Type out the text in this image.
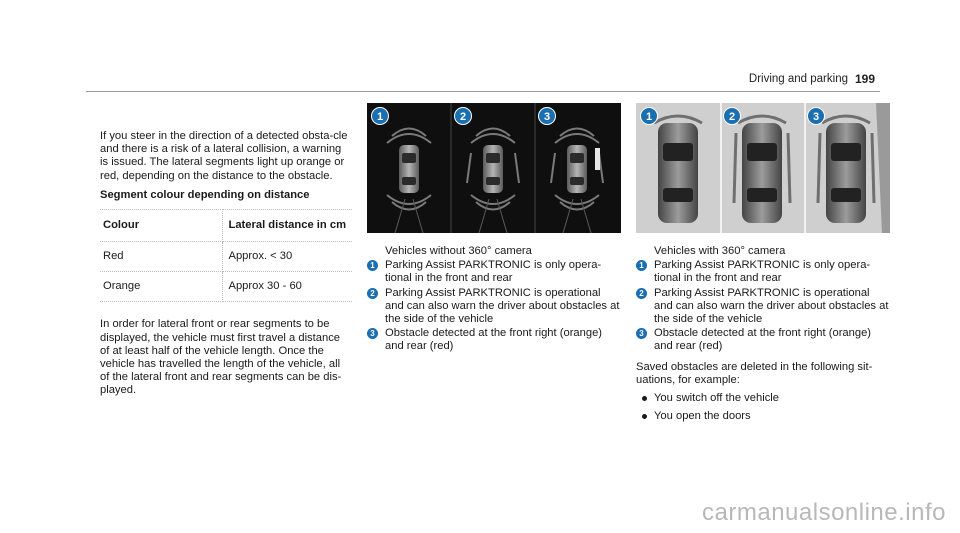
Driving and parking 199

If you steer in the direction of a detected obsta-cle and there is a risk of a lateral collision, a warning is issued. The lateral segments light up orange or red, depending on the distance to the obstacle.

Segment colour depending on distance

Colour	Lateral distance in cm
Red	Approx. < 30
Orange	Approx 30 - 60

In order for lateral front or rear segments to be displayed, the vehicle must first travel a distance of at least half of the vehicle length. Once the vehicle has travelled the length of the vehicle, all of the lateral front and rear segments can be dis-played.

1	2	3	1	2	3

Vehicles without 360° camera

1 Parking Assist PARKTRONIC is only opera-tional in the front and rear
2 Parking Assist PARKTRONIC is operational and can also warn the driver about obstacles at the side of the vehicle
3 Obstacle detected at the front right (orange) and rear (red)

Vehicles with 360° camera

1 Parking Assist PARKTRONIC is only opera-tional in the front and rear
2 Parking Assist PARKTRONIC is operational and can also warn the driver about obstacles at the side of the vehicle
3 Obstacle detected at the front right (orange) and rear (red)

Saved obstacles are deleted in the following sit-uations, for example:

You switch off the vehicle
You open the doors
carmanualsonline.info
